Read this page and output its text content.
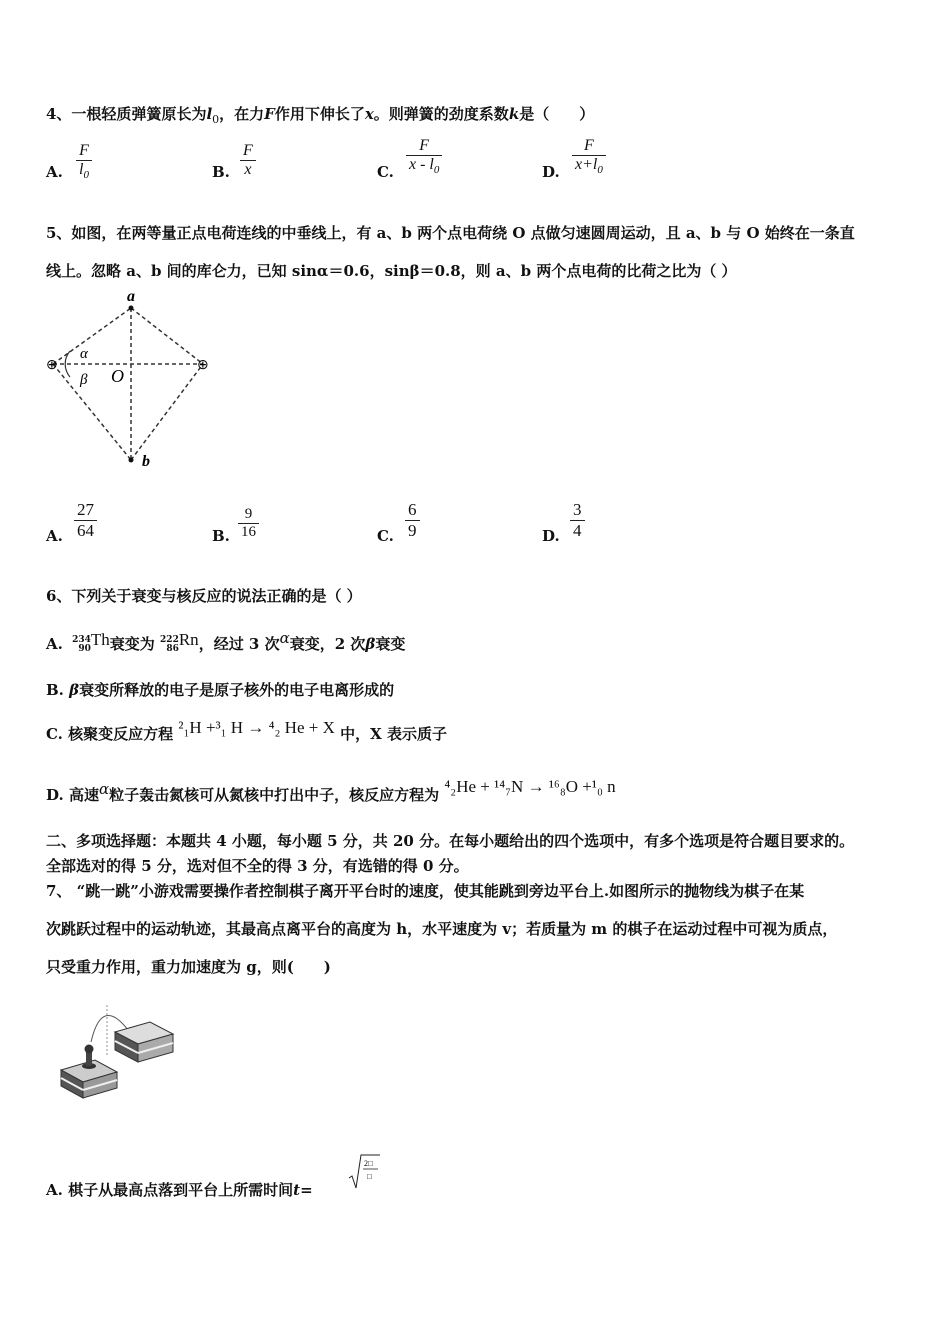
4、一根轻质弹簧原长为$l_0$，在力F作用下伸长了x。则弹簧的劲度系数k是（　　）
A. $\frac{F}{l_0}$	B. $\frac{F}{x}$	C. $\frac{F}{x - l_0}$	D. $\frac{F}{x+l_0}$
5、如图，在两等量正点电荷连线的中垂线上，有 a、b 两个点电荷绕 O 点做匀速圆周运动，且 a、b 与 O 始终在一条直
线上。忽略 a、b 间的库仑力，已知 sinα＝0.6，sinβ＝0.8，则 a、b 两个点电荷的比荷之比为（ ）
a
b
O
α
β
⊕	⊕
A. $\frac{27}{64}$	B. $\frac{9}{16}$	C. $\frac{6}{9}$	D. $\frac{3}{4}$
6、下列关于衰变与核反应的说法正确的是（ ）
A. 234
90 Th衰变为 222
86 Rn，经过 3 次α衰变，2 次β衰变
B. β衰变所释放的电子是原子核外的电子电离形成的
C. 核聚变反应方程 ²₁H +³₁ H → ⁴₂ He + X 中，X 表示质子
D. 高速α粒子轰击氮核可从氮核中打出中子，核反应方程为 ⁴₂He + ¹⁴₇N → ¹⁶₈O +¹₀ n
二、多项选择题：本题共 4 小题，每小题 5 分，共 20 分。在每小题给出的四个选项中，有多个选项是符合题目要求的。
全部选对的得 5 分，选对但不全的得 3 分，有选错的得 0 分。
7、 “跳一跳”小游戏需要操作者控制棋子离开平台时的速度，使其能跳到旁边平台上.如图所示的抛物线为棋子在某
次跳跃过程中的运动轨迹，其最高点离平台的高度为 h，水平速度为 v；若质量为 m 的棋子在运动过程中可视为质点，
只受重力作用，重力加速度为 g，则(　　)
A. 棋子从最高点落到平台上所需时间t=
2□
□
